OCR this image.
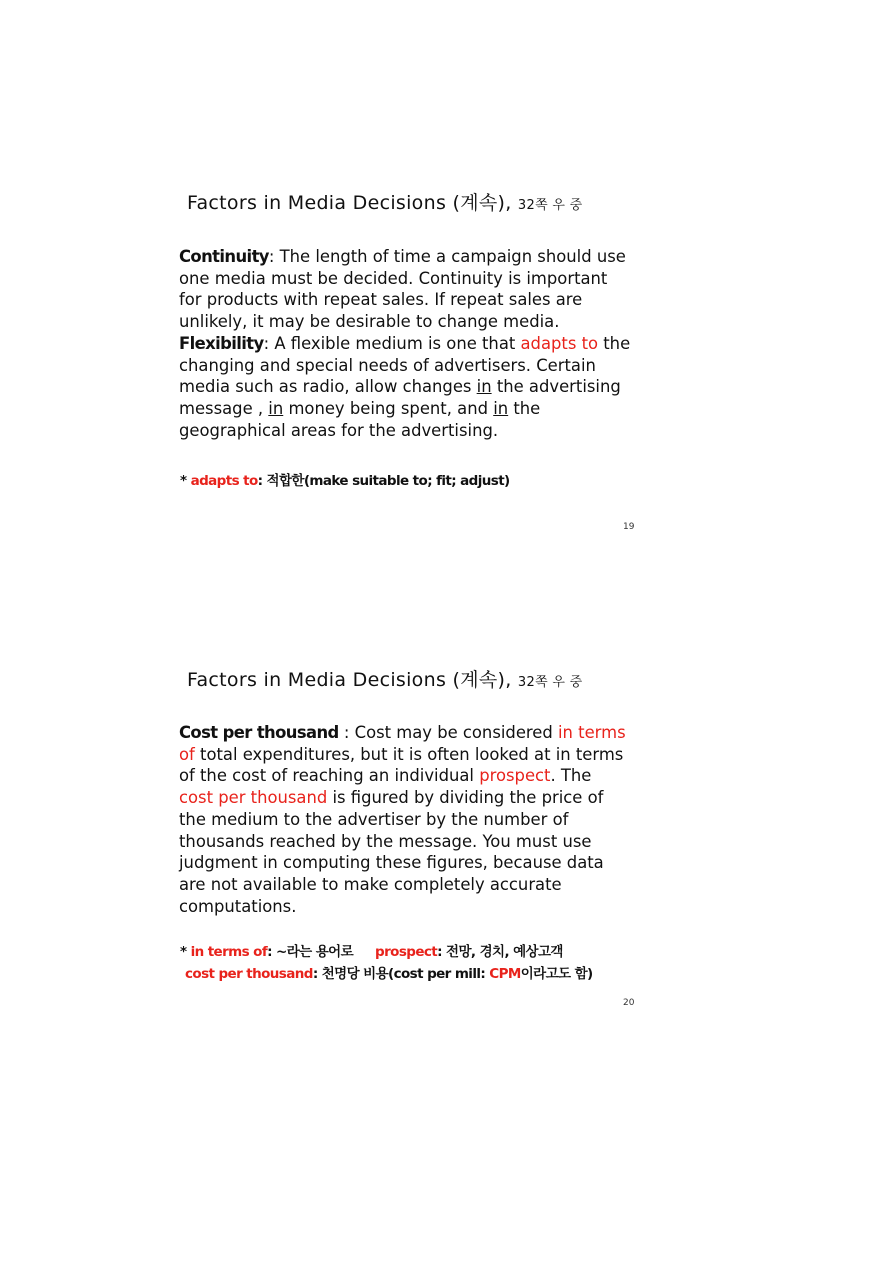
Factors in Media Decisions (계속), 32쪽 우 중
Continuity: The length of time a campaign should use
one media must be decided. Continuity is important
for products with repeat sales. If repeat sales are
unlikely, it may be desirable to change media.
Flexibility: A flexible medium is one that adapts to the
changing and special needs of advertisers. Certain
media such as radio, allow changes in the advertising
message , in money being spent, and in the
geographical areas for the advertising.
* adapts to: 적합한(make suitable to; fit; adjust)
19
Factors in Media Decisions (계속), 32쪽 우 중
Cost per thousand : Cost may be considered in terms
of total expenditures, but it is often looked at in terms
of the cost of reaching an individual prospect. The
cost per thousand is figured by dividing the price of
the medium to the advertiser by the number of
thousands reached by the message. You must use
judgment in computing these figures, because data
are not available to make completely accurate
computations.
* in terms of: ~라는 용어로 prospect: 전망, 경치, 예상고객
cost per thousand: 천명당 비용(cost per mill: CPM이라고도 함)
20
